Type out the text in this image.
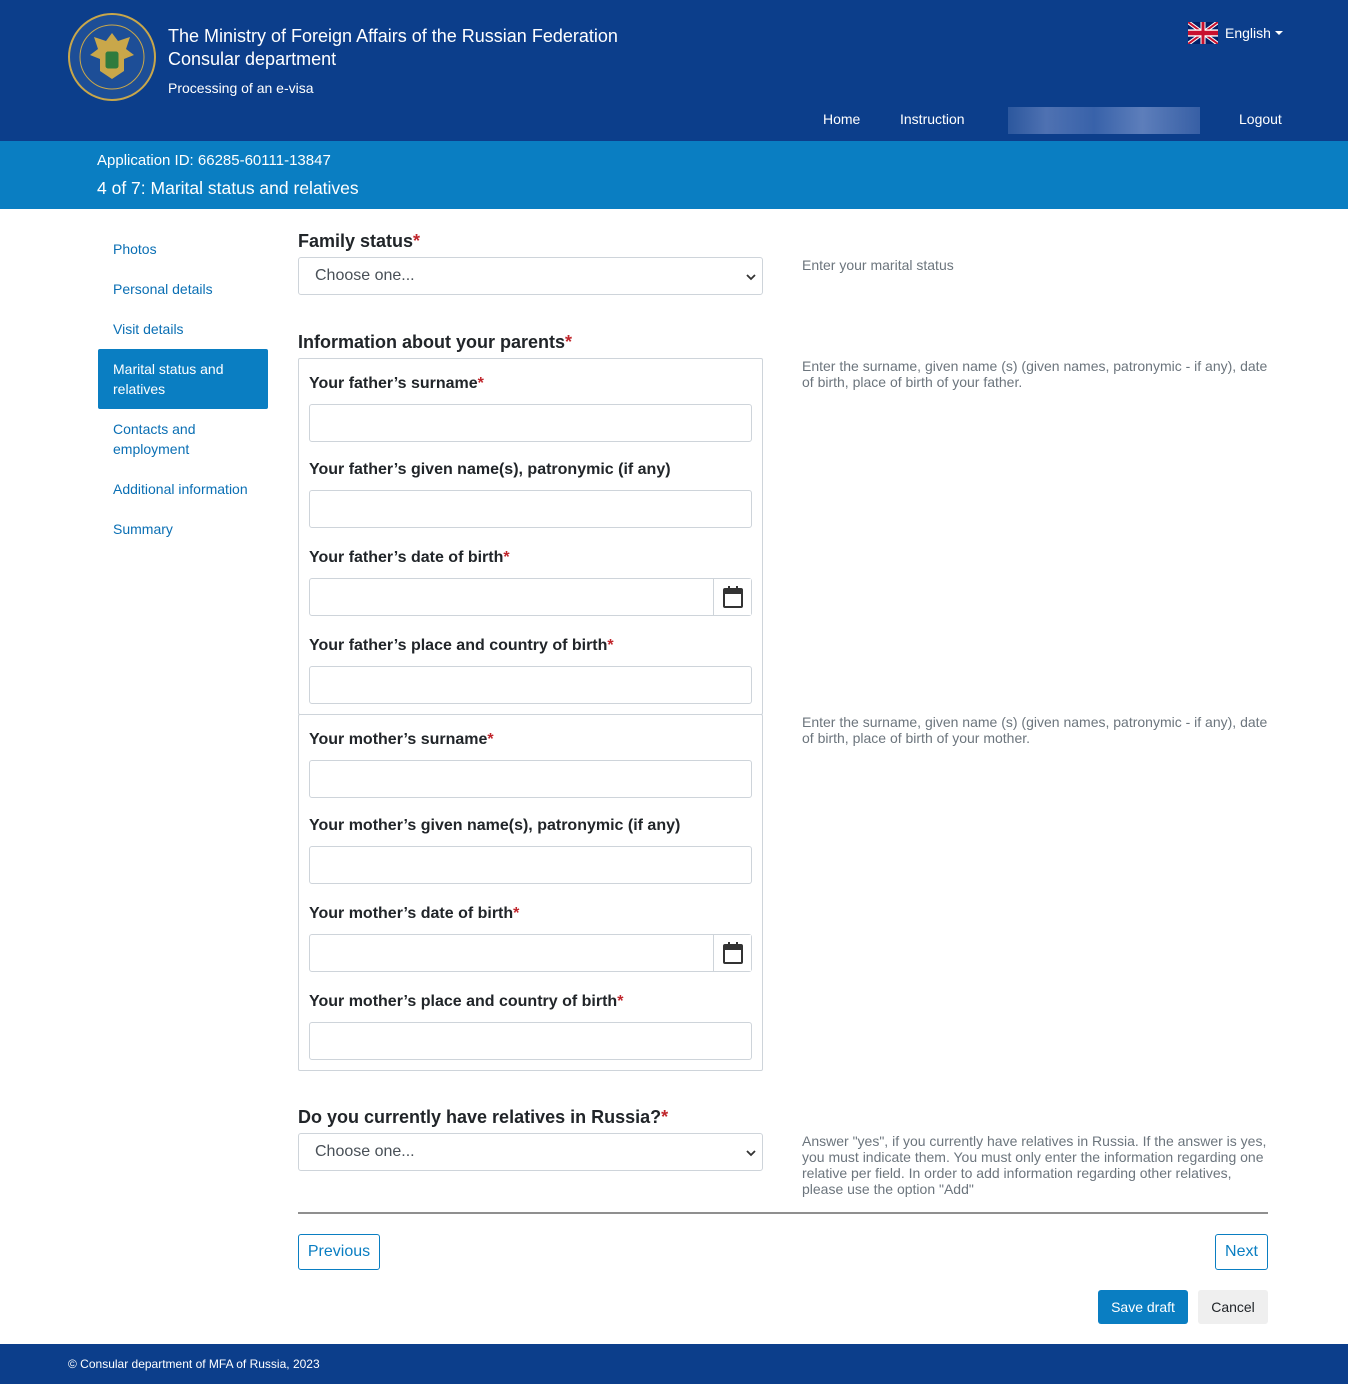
The Ministry of Foreign Affairs of the Russian Federation
Consular department
Processing of an e-visa
English
Home	Instruction	Logout
Application ID: 66285-60111-13847
4 of 7: Marital status and relatives
Photos
Personal details
Visit details
Marital status and relatives
Contacts and employment
Additional information
Summary
Family status*
Choose one...
Enter your marital status
Information about your parents*
Enter the surname, given name (s) (given names, patronymic - if any), date of birth, place of birth of your father.
Your father’s surname*
Your father’s given name(s), patronymic (if any)
Your father’s date of birth*
Your father’s place and country of birth*
Enter the surname, given name (s) (given names, patronymic - if any), date of birth, place of birth of your mother.
Your mother’s surname*
Your mother’s given name(s), patronymic (if any)
Your mother’s date of birth*
Your mother’s place and country of birth*
Do you currently have relatives in Russia?*
Choose one...
Answer "yes", if you currently have relatives in Russia. If the answer is yes, you must indicate them. You must only enter the information regarding one relative per field. In order to add information regarding other relatives, please use the option "Add"
Previous	Next
Save draft	Cancel
© Consular department of MFA of Russia, 2023
